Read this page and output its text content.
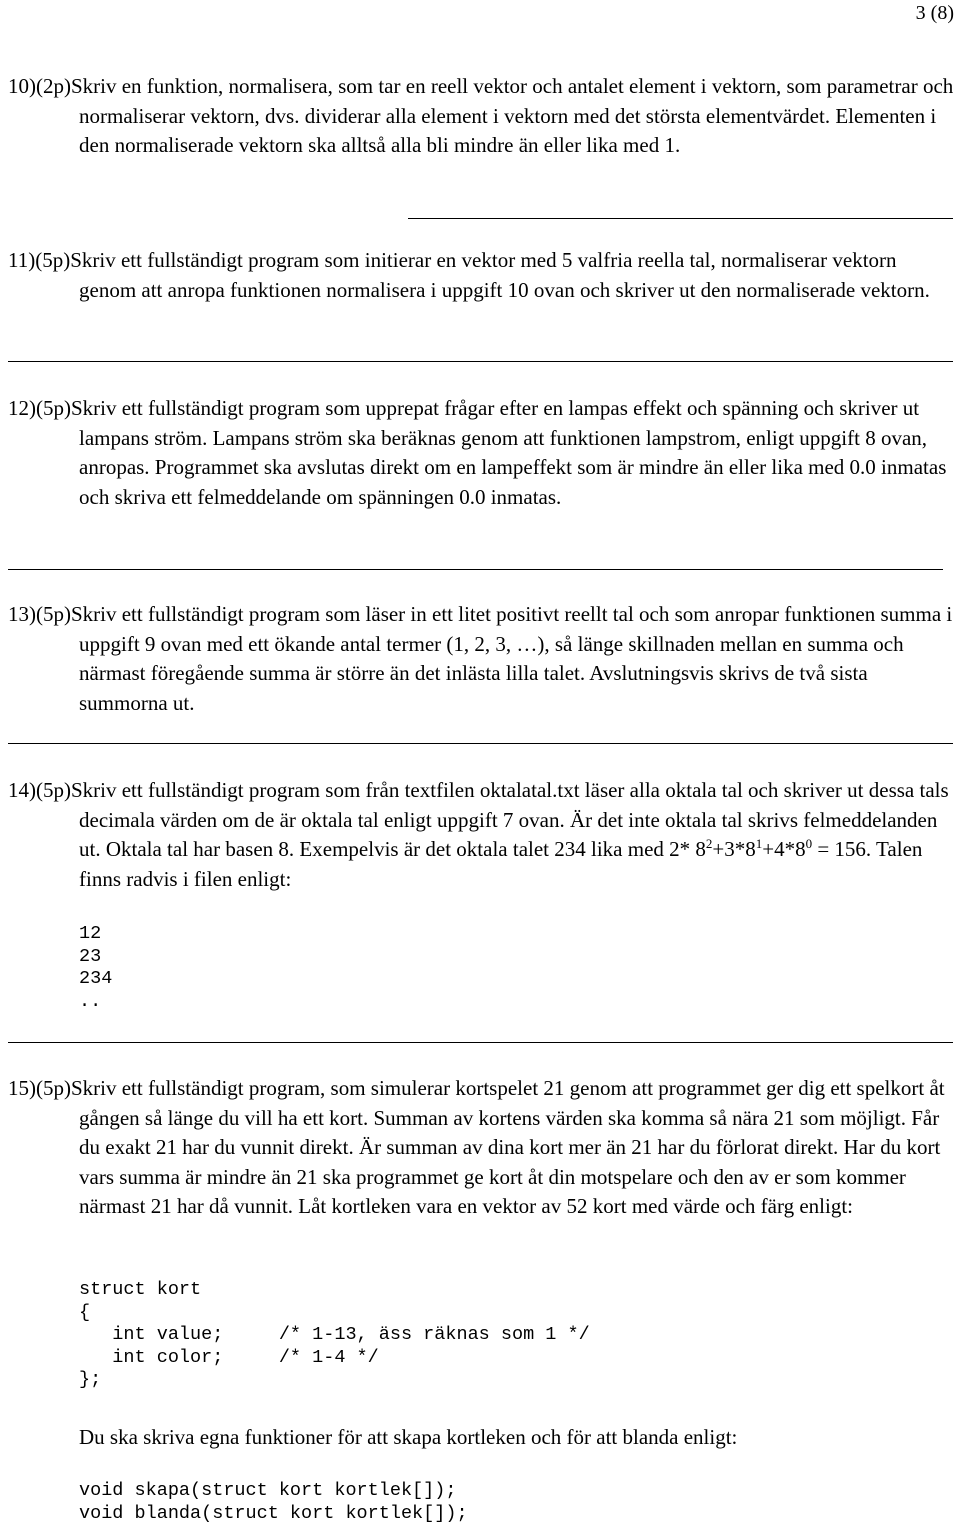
3 (8)
10)(2p)Skriv en funktion, normalisera, som tar en reell vektor och antalet element i vektorn, som parametrar och normaliserar vektorn, dvs. dividerar alla element i vektorn med det största elementvärdet. Elementen i den normaliserade vektorn ska alltså alla bli mindre än eller lika med 1.
11)(5p)Skriv ett fullständigt program som initierar en vektor med 5 valfria reella tal, normaliserar vektorn genom att anropa funktionen normalisera i uppgift 10 ovan och skriver ut den normaliserade vektorn.
12)(5p)Skriv ett fullständigt program som upprepat frågar efter en lampas effekt och spänning och skriver ut lampans ström. Lampans ström ska beräknas genom att funktionen lampstrom, enligt uppgift 8 ovan, anropas. Programmet ska avslutas direkt om en lampeffekt som är mindre än eller lika med 0.0 inmatas och skriva ett felmeddelande om spänningen 0.0 inmatas.
13)(5p)Skriv ett fullständigt program som läser in ett litet positivt reellt tal och som anropar funktionen summa i uppgift 9 ovan med ett ökande antal termer (1, 2, 3, …), så länge skillnaden mellan en summa och närmast föregående summa är större än det inlästa lilla talet. Avslutningsvis skrivs de två sista summorna ut.
14)(5p)Skriv ett fullständigt program som från textfilen oktalatal.txt läser alla oktala tal och skriver ut dessa tals decimala värden om de är oktala tal enligt uppgift 7 ovan. Är det inte oktala tal skrivs felmeddelanden ut. Oktala tal har basen 8. Exempelvis är det oktala talet 234 lika med 2* $8^2+3*8^1+4*8^0 = 156$. Talen finns radvis i filen enligt:
12
23
234
..
15)(5p)Skriv ett fullständigt program, som simulerar kortspelet 21 genom att programmet ger dig ett spelkort åt gången så länge du vill ha ett kort. Summan av kortens värden ska komma så nära 21 som möjligt. Får du exakt 21 har du vunnit direkt. Är summan av dina kort mer än 21 har du förlorat direkt. Har du kort vars summa är mindre än 21 ska programmet ge kort åt din motspelare och den av er som kommer närmast 21 har då vunnit. Låt kortleken vara en vektor av 52 kort med värde och färg enligt:
struct kort
{
int value;     /* 1-13, äss räknas som 1 */
int color;     /* 1-4 */
};
Du ska skriva egna funktioner för att skapa kortleken och för att blanda enligt:
void skapa(struct kort kortlek[]);
void blanda(struct kort kortlek[]);
